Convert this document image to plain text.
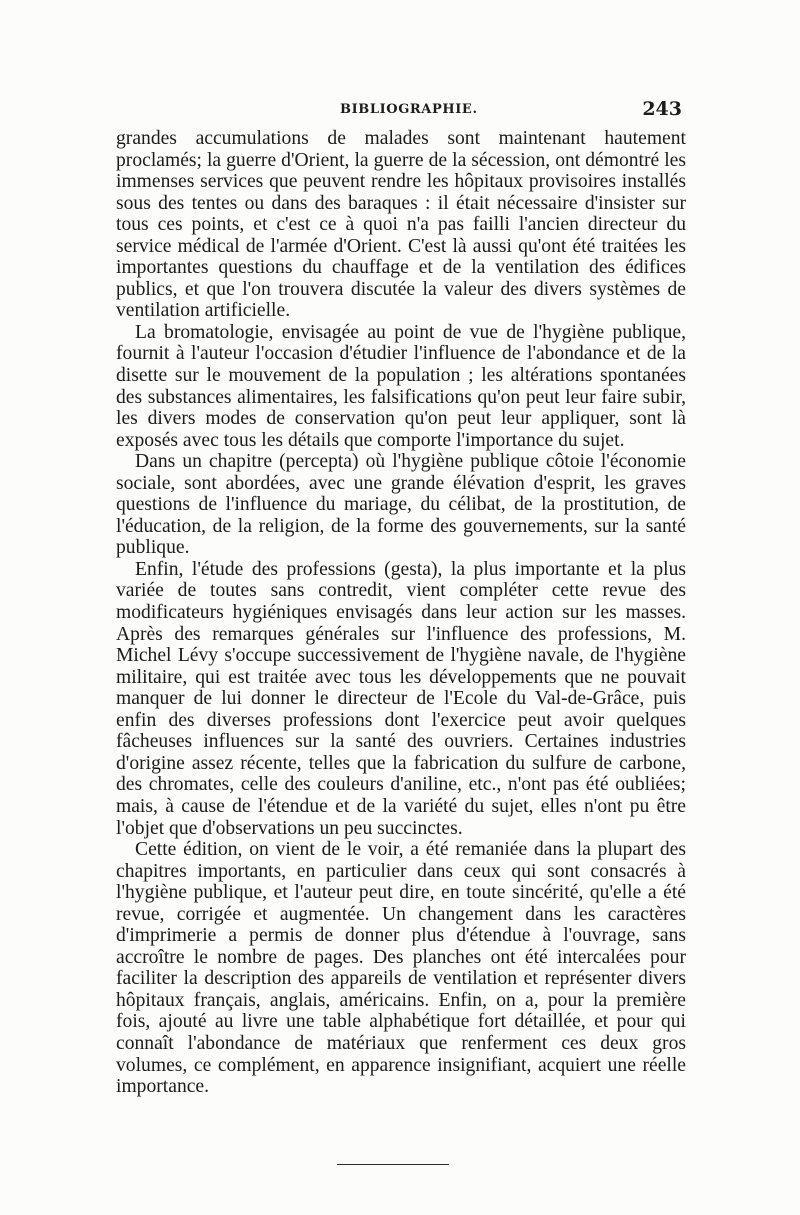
BIBLIOGRAPHIE.	243

grandes accumulations de malades sont maintenant hautement proclamés; la guerre d'Orient, la guerre de la sécession, ont démontré les immenses services que peuvent rendre les hôpitaux provisoires installés sous des tentes ou dans des baraques : il était nécessaire d'insister sur tous ces points, et c'est ce à quoi n'a pas failli l'ancien directeur du service médical de l'armée d'Orient. C'est là aussi qu'ont été traitées les importantes questions du chauffage et de la ventilation des édifices publics, et que l'on trouvera discutée la valeur des divers systèmes de ventilation artificielle.

La bromatologie, envisagée au point de vue de l'hygiène publique, fournit à l'auteur l'occasion d'étudier l'influence de l'abondance et de la disette sur le mouvement de la population ; les altérations spontanées des substances alimentaires, les falsifications qu'on peut leur faire subir, les divers modes de conservation qu'on peut leur appliquer, sont là exposés avec tous les détails que comporte l'importance du sujet.

Dans un chapitre (percepta) où l'hygiène publique côtoie l'économie sociale, sont abordées, avec une grande élévation d'esprit, les graves questions de l'influence du mariage, du célibat, de la prostitution, de l'éducation, de la religion, de la forme des gouvernements, sur la santé publique.

Enfin, l'étude des professions (gesta), la plus importante et la plus variée de toutes sans contredit, vient compléter cette revue des modificateurs hygiéniques envisagés dans leur action sur les masses. Après des remarques générales sur l'influence des professions, M. Michel Lévy s'occupe successivement de l'hygiène navale, de l'hygiène militaire, qui est traitée avec tous les développements que ne pouvait manquer de lui donner le directeur de l'Ecole du Val-de-Grâce, puis enfin des diverses professions dont l'exercice peut avoir quelques fâcheuses influences sur la santé des ouvriers. Certaines industries d'origine assez récente, telles que la fabrication du sulfure de carbone, des chromates, celle des couleurs d'aniline, etc., n'ont pas été oubliées; mais, à cause de l'étendue et de la variété du sujet, elles n'ont pu être l'objet que d'observations un peu succinctes.

Cette édition, on vient de le voir, a été remaniée dans la plupart des chapitres importants, en particulier dans ceux qui sont consacrés à l'hygiène publique, et l'auteur peut dire, en toute sincérité, qu'elle a été revue, corrigée et augmentée. Un changement dans les caractères d'imprimerie a permis de donner plus d'étendue à l'ouvrage, sans accroître le nombre de pages. Des planches ont été intercalées pour faciliter la description des appareils de ventilation et représenter divers hôpitaux français, anglais, américains. Enfin, on a, pour la première fois, ajouté au livre une table alphabétique fort détaillée, et pour qui connaît l'abondance de matériaux que renferment ces deux gros volumes, ce complément, en apparence insignifiant, acquiert une réelle importance.
